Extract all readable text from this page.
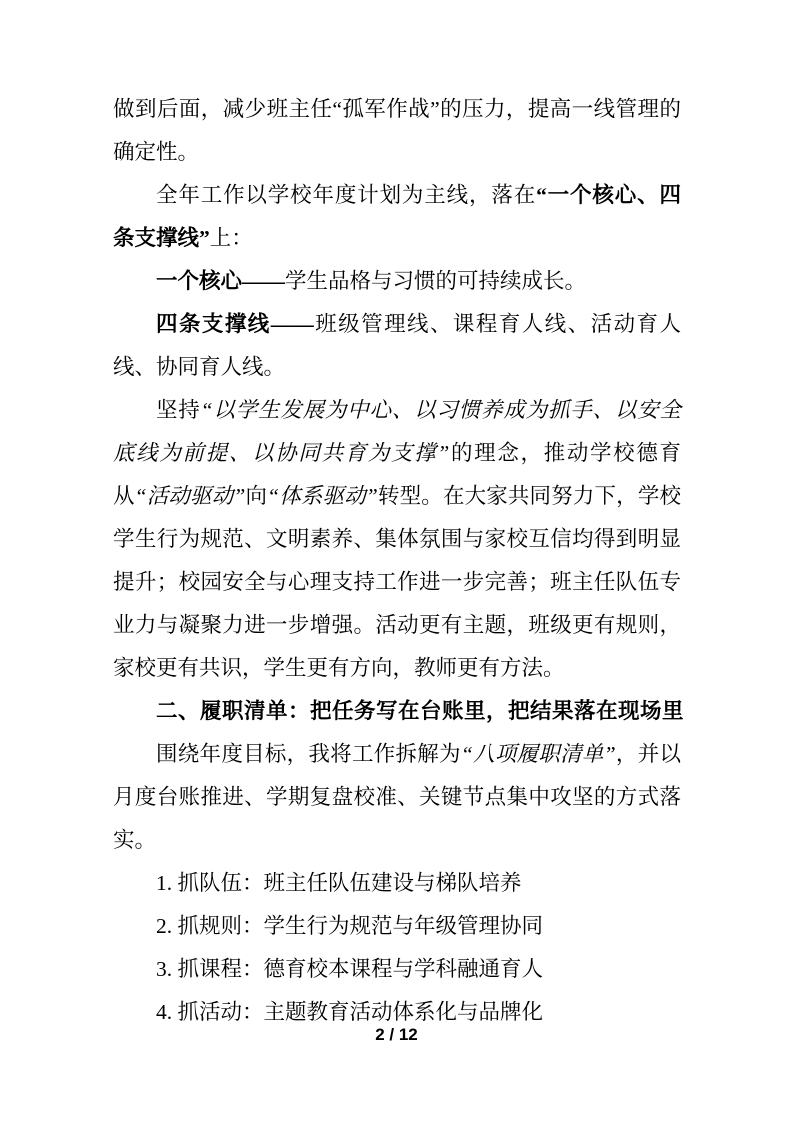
做到后面，减少班主任“孤军作战”的压力，提高一线管理的确定性。
全年工作以学校年度计划为主线，落在“一个核心、四条支撑线”上：
一个核心——学生品格与习惯的可持续成长。
四条支撑线——班级管理线、课程育人线、活动育人线、协同育人线。
坚持“以学生发展为中心、以习惯养成为抓手、以安全底线为前提、以协同共育为支撑”的理念，推动学校德育从“活动驱动”向“体系驱动”转型。在大家共同努力下，学校学生行为规范、文明素养、集体氛围与家校互信均得到明显提升；校园安全与心理支持工作进一步完善；班主任队伍专业力与凝聚力进一步增强。活动更有主题，班级更有规则，家校更有共识，学生更有方向，教师更有方法。
二、履职清单：把任务写在台账里，把结果落在现场里
围绕年度目标，我将工作拆解为“八项履职清单”，并以月度台账推进、学期复盘校准、关键节点集中攻坚的方式落实。
1. 抓队伍：班主任队伍建设与梯队培养
2. 抓规则：学生行为规范与年级管理协同
3. 抓课程：德育校本课程与学科融通育人
4. 抓活动：主题教育活动体系化与品牌化
2 / 12
